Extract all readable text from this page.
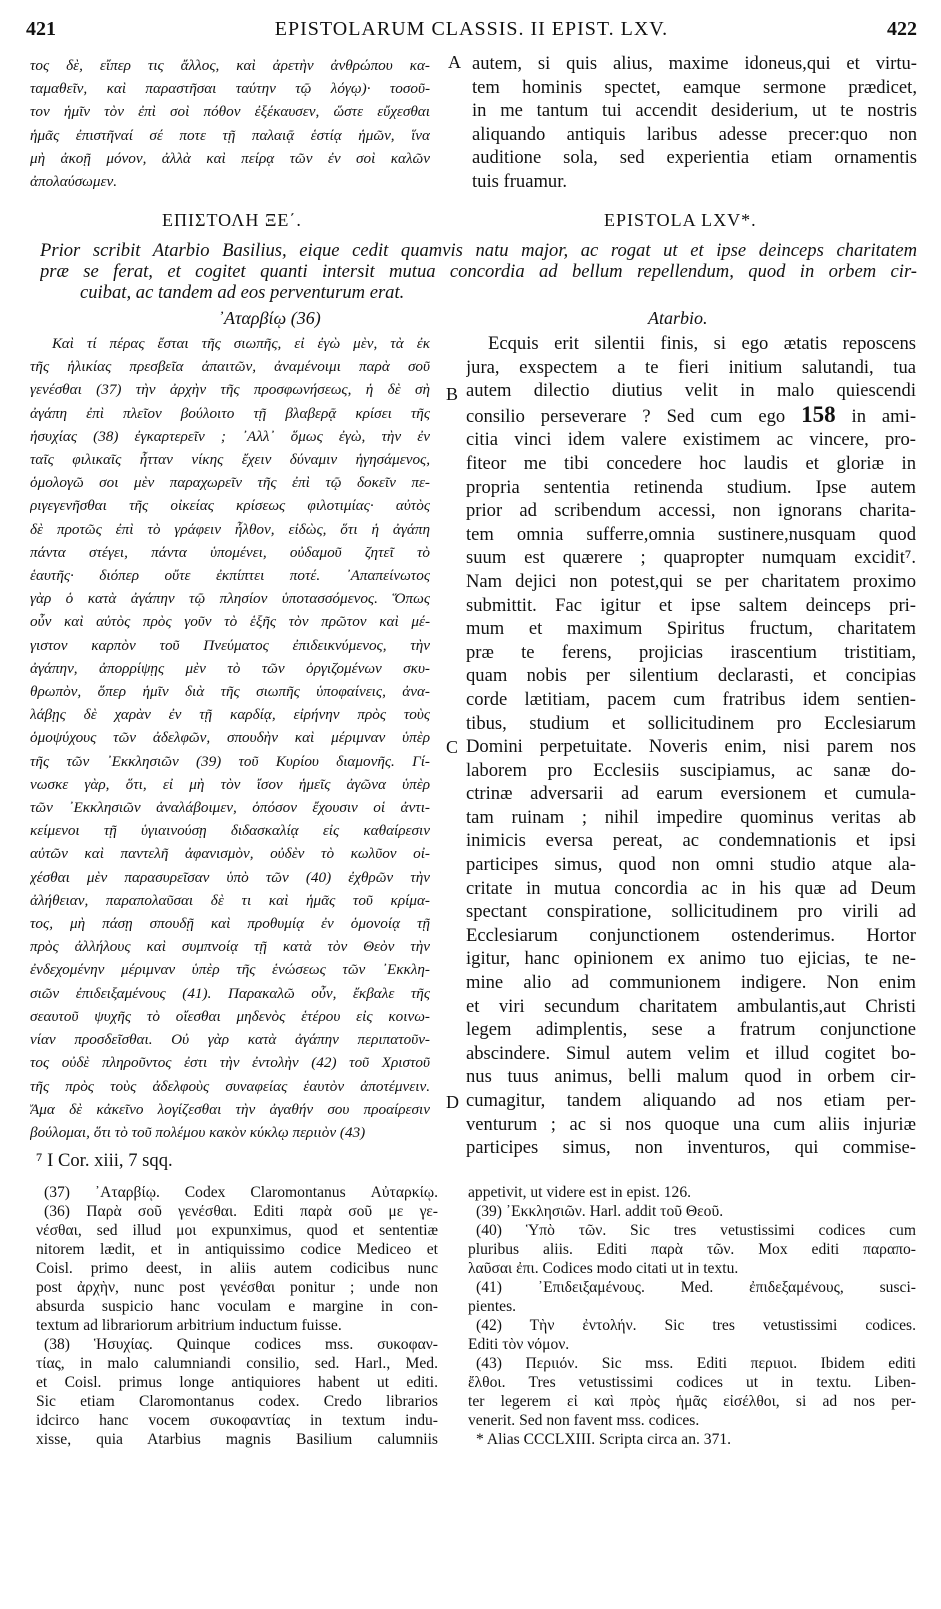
421	EPISTOLARUM CLASSIS. II EPIST. LXV.	422
τος δὲ, εἴπερ τις ἄλλος, καὶ ἀρετὴν ἀνθρώπου κα-
ταμαθεῖν, καὶ παραστῆσαι ταύτην τῷ λόγῳ)· τοσοῦ-
τον ἡμῖν τὸν ἐπὶ σοὶ πόθον ἐξέκαυσεν, ὥστε εὔχεσθαι
ἡμᾶς ἐπιστῆναί σέ ποτε τῇ παλαιᾷ ἑστίᾳ ἡμῶν, ἵνα
μὴ ἀκοῇ μόνον, ἀλλὰ καὶ πείρᾳ τῶν ἐν σοὶ καλῶν
ἀπολαύσωμεν.
A autem, si quis alius, maxime idoneus,qui et virtu-
tem hominis spectet, eamque sermone prædicet,
in me tantum tui accendit desiderium, ut te nostris
aliquando antiquis laribus adesse precer:quo non
auditione sola, sed experientia etiam ornamentis
tuis fruamur.
ΕΠΙΣΤΟΛΗ ΞΕ΄.	EPISTOLA LXV*.
Prior scribit Atarbio Basilius, eique cedit quamvis natu major, ac rogat ut et ipse deinceps charitatem
præ se ferat, et cogitet quanti intersit mutua concordia ad bellum repellendum, quod in orbem cir-
cuibat, ac tandem ad eos perventurum erat.
᾿Αταρβίῳ (36)	Atarbio.
Καὶ τί πέρας ἔσται τῆς σιωπῆς, εἰ ἐγὼ μὲν, τὰ ἐκ
τῆς ἡλικίας πρεσβεῖα ἀπαιτῶν, ἀναμένοιμι παρὰ σοῦ
γενέσθαι (37) τὴν ἀρχὴν τῆς προσφωνήσεως, ἡ δὲ σὴ
ἀγάπη ἐπὶ πλεῖον βούλοιτο τῇ βλαβερᾷ κρίσει τῆς
ἡσυχίας (38) ἐγκαρτερεῖν ; ᾿Αλλ᾿ ὅμως ἐγὼ, τὴν ἐν
ταῖς φιλικαῖς ἧτταν νίκης ἔχειν δύναμιν ἡγησάμενος,
ὁμολογῶ σοι μὲν παραχωρεῖν τῆς ἐπὶ τῷ δοκεῖν πε-
ριγεγενῆσθαι τῆς οἰκείας κρίσεως φιλοτιμίας· αὐτὸς
δὲ προτῶς ἐπὶ τὸ γράφειν ἦλθον, εἰδὼς, ὅτι ἡ ἀγάπη
πάντα στέγει, πάντα ὑπομένει, οὐδαμοῦ ζητεῖ τὸ
ἑαυτῆς· διόπερ οὔτε ἐκπίπτει ποτέ. ᾿Απαπείνωτος
γὰρ ὁ κατὰ ἀγάπην τῷ πλησίον ὑποτασσόμενος. Ὅπως
οὖν καὶ αὐτὸς πρὸς γοῦν τὸ ἑξῆς τὸν πρῶτον καὶ μέ-
γιστον καρπὸν τοῦ Πνεύματος ἐπιδεικνύμενος, τὴν
ἀγάπην, ἀπορρίψῃς μὲν τὸ τῶν ὀργιζομένων σκυ-
θρωπὸν, ὅπερ ἡμῖν διὰ τῆς σιωπῆς ὑποφαίνεις, ἀνα-
λάβῃς δὲ χαρὰν ἐν τῇ καρδίᾳ, εἰρήνην πρὸς τοὺς
ὁμοψύχους τῶν ἀδελφῶν, σπουδὴν καὶ μέριμναν ὑπὲρ
τῆς τῶν ᾿Εκκλησιῶν (39) τοῦ Κυρίου διαμονῆς. Γί-
νωσκε γὰρ, ὅτι, εἰ μὴ τὸν ἴσον ἡμεῖς ἀγῶνα ὑπὲρ
τῶν ᾿Εκκλησιῶν ἀναλάβοιμεν, ὁπόσον ἔχουσιν οἱ ἀντι-
κείμενοι τῇ ὑγιαινούσῃ διδασκαλίᾳ εἰς καθαίρεσιν
αὐτῶν καὶ παντελῆ ἀφανισμὸν, οὐδὲν τὸ κωλῦον οἰ-
χέσθαι μὲν παρασυρεῖσαν ὑπὸ τῶν (40) ἐχθρῶν τὴν
ἀλήθειαν, παραπολαῦσαι δὲ τι καὶ ἡμᾶς τοῦ κρίμα-
τος, μὴ πάσῃ σπουδῇ καὶ προθυμίᾳ ἐν ὁμονοίᾳ τῇ
πρὸς ἀλλήλους καὶ συμπνοίᾳ τῇ κατὰ τὸν Θεὸν τὴν
ἐνδεχομένην μέριμναν ὑπὲρ τῆς ἑνώσεως τῶν ᾿Εκκλη-
σιῶν ἐπιδειξαμένους (41). Παρακαλῶ οὖν, ἔκβαλε τῆς
σεαυτοῦ ψυχῆς τὸ οἴεσθαι μηδενὸς ἑτέρου εἰς κοινω-
νίαν προσδεῖσθαι. Οὐ γὰρ κατὰ ἀγάπην περιπατοῦν-
τος οὐδὲ πληροῦντος ἐστι τὴν ἐντολὴν (42) τοῦ Χριστοῦ
τῆς πρὸς τοὺς ἀδελφοὺς συναφείας ἑαυτὸν ἀποτέμνειν.
Ἅμα δὲ κἀκεῖνο λογίζεσθαι τὴν ἀγαθήν σου προαίρεσιν
βούλομαι, ὅτι τὸ τοῦ πολέμου κακὸν κύκλῳ περιιὸν (43)
B
C
D
Ecquis erit silentii finis, si ego ætatis reposcens
jura, exspectem a te fieri initium salutandi, tua
autem dilectio diutius velit in malo quiescendi
consilio perseverare ? Sed cum ego 158 in ami-
citia vinci idem valere existimem ac vincere, pro-
fiteor me tibi concedere hoc laudis et gloriæ in
propria sententia retinenda studium. Ipse autem
prior ad scribendum accessi, non ignorans charita-
tem omnia sufferre,omnia sustinere,nusquam quod
suum est quærere ; quapropter numquam excidit⁷.
Nam dejici non potest,qui se per charitatem proximo
submittit. Fac igitur et ipse saltem deinceps pri-
mum et maximum Spiritus fructum, charitatem
præ te ferens, projicias irascentium tristitiam,
quam nobis per silentium declarasti, et concipias
corde lætitiam, pacem cum fratribus idem sentien-
tibus, studium et sollicitudinem pro Ecclesiarum
Domini perpetuitate. Noveris enim, nisi parem nos
laborem pro Ecclesiis suscipiamus, ac sanæ do-
ctrinæ adversarii ad earum eversionem et cumula-
tam ruinam ; nihil impedire quominus veritas ab
inimicis eversa pereat, ac condemnationis et ipsi
participes simus, quod non omni studio atque ala-
critate in mutua concordia ac in his quæ ad Deum
spectant conspiratione, sollicitudinem pro virili ad
Ecclesiarum conjunctionem ostenderimus. Hortor
igitur, hanc opinionem ex animo tuo ejicias, te ne-
mine alio ad communionem indigere. Non enim
et viri secundum charitatem ambulantis,aut Christi
legem adimplentis, sese a fratrum conjunctione
abscindere. Simul autem velim et illud cogitet bo-
nus tuus animus, belli malum quod in orbem cir-
cumagitur, tandem aliquando ad nos etiam per-
venturum ; ac si nos quoque una cum aliis injuriæ
participes simus, non inventuros, qui commise-
⁷ I Cor. xiii, 7 sqq.
(37) ᾿Αταρβίῳ. Codex Claromontanus Αὐταρκίῳ.
(36) Παρὰ σοῦ γενέσθαι. Editi παρὰ σοῦ με γε-
νέσθαι, sed illud μοι expunximus, quod et sententiæ
nitorem lædit, et in antiquissimo codice Mediceo et
Coisl. primo deest, in aliis autem codicibus nunc
post ἀρχὴν, nunc post γενέσθαι ponitur ; unde non
absurda suspicio hanc voculam e margine in con-
textum ad librariorum arbitrium inductum fuisse.
(38) Ἡσυχίας. Quinque codices mss. συκοφαν-
τίας, in malo calumniandi consilio, sed. Harl., Med.
et Coisl. primus longe antiquiores habent ut editi.
Sic etiam Claromontanus codex. Credo librarios
idcirco hanc vocem συκοφαντίας in textum indu-
xisse, quia Atarbius magnis Basilium calumniis
appetivit, ut videre est in epist. 126.
(39) ᾿Εκκλησιῶν. Harl. addit τοῦ Θεοῦ.
(40) Ὑπὸ τῶν. Sic tres vetustissimi codices cum
pluribus aliis. Editi παρὰ τῶν. Mox editi παραπο-
λαῦσαι ἐπι. Codices modo citati ut in textu.
(41) ᾿Επιδειξαμένους. Med. ἐπιδεξαμένους, susci-
pientes.
(42) Τὴν ἐντολήν. Sic tres vetustissimi codices.
Editi τὸν νόμον.
(43) Περιιόν. Sic mss. Editi περιιοι. Ibidem editi
ἔλθοι. Tres vetustissimi codices ut in textu. Liben-
ter legerem εἰ καὶ πρὸς ἡμᾶς εἰσέλθοι, si ad nos per-
venerit. Sed non favent mss. codices.
* Alias CCCLXIII. Scripta circa an. 371.
